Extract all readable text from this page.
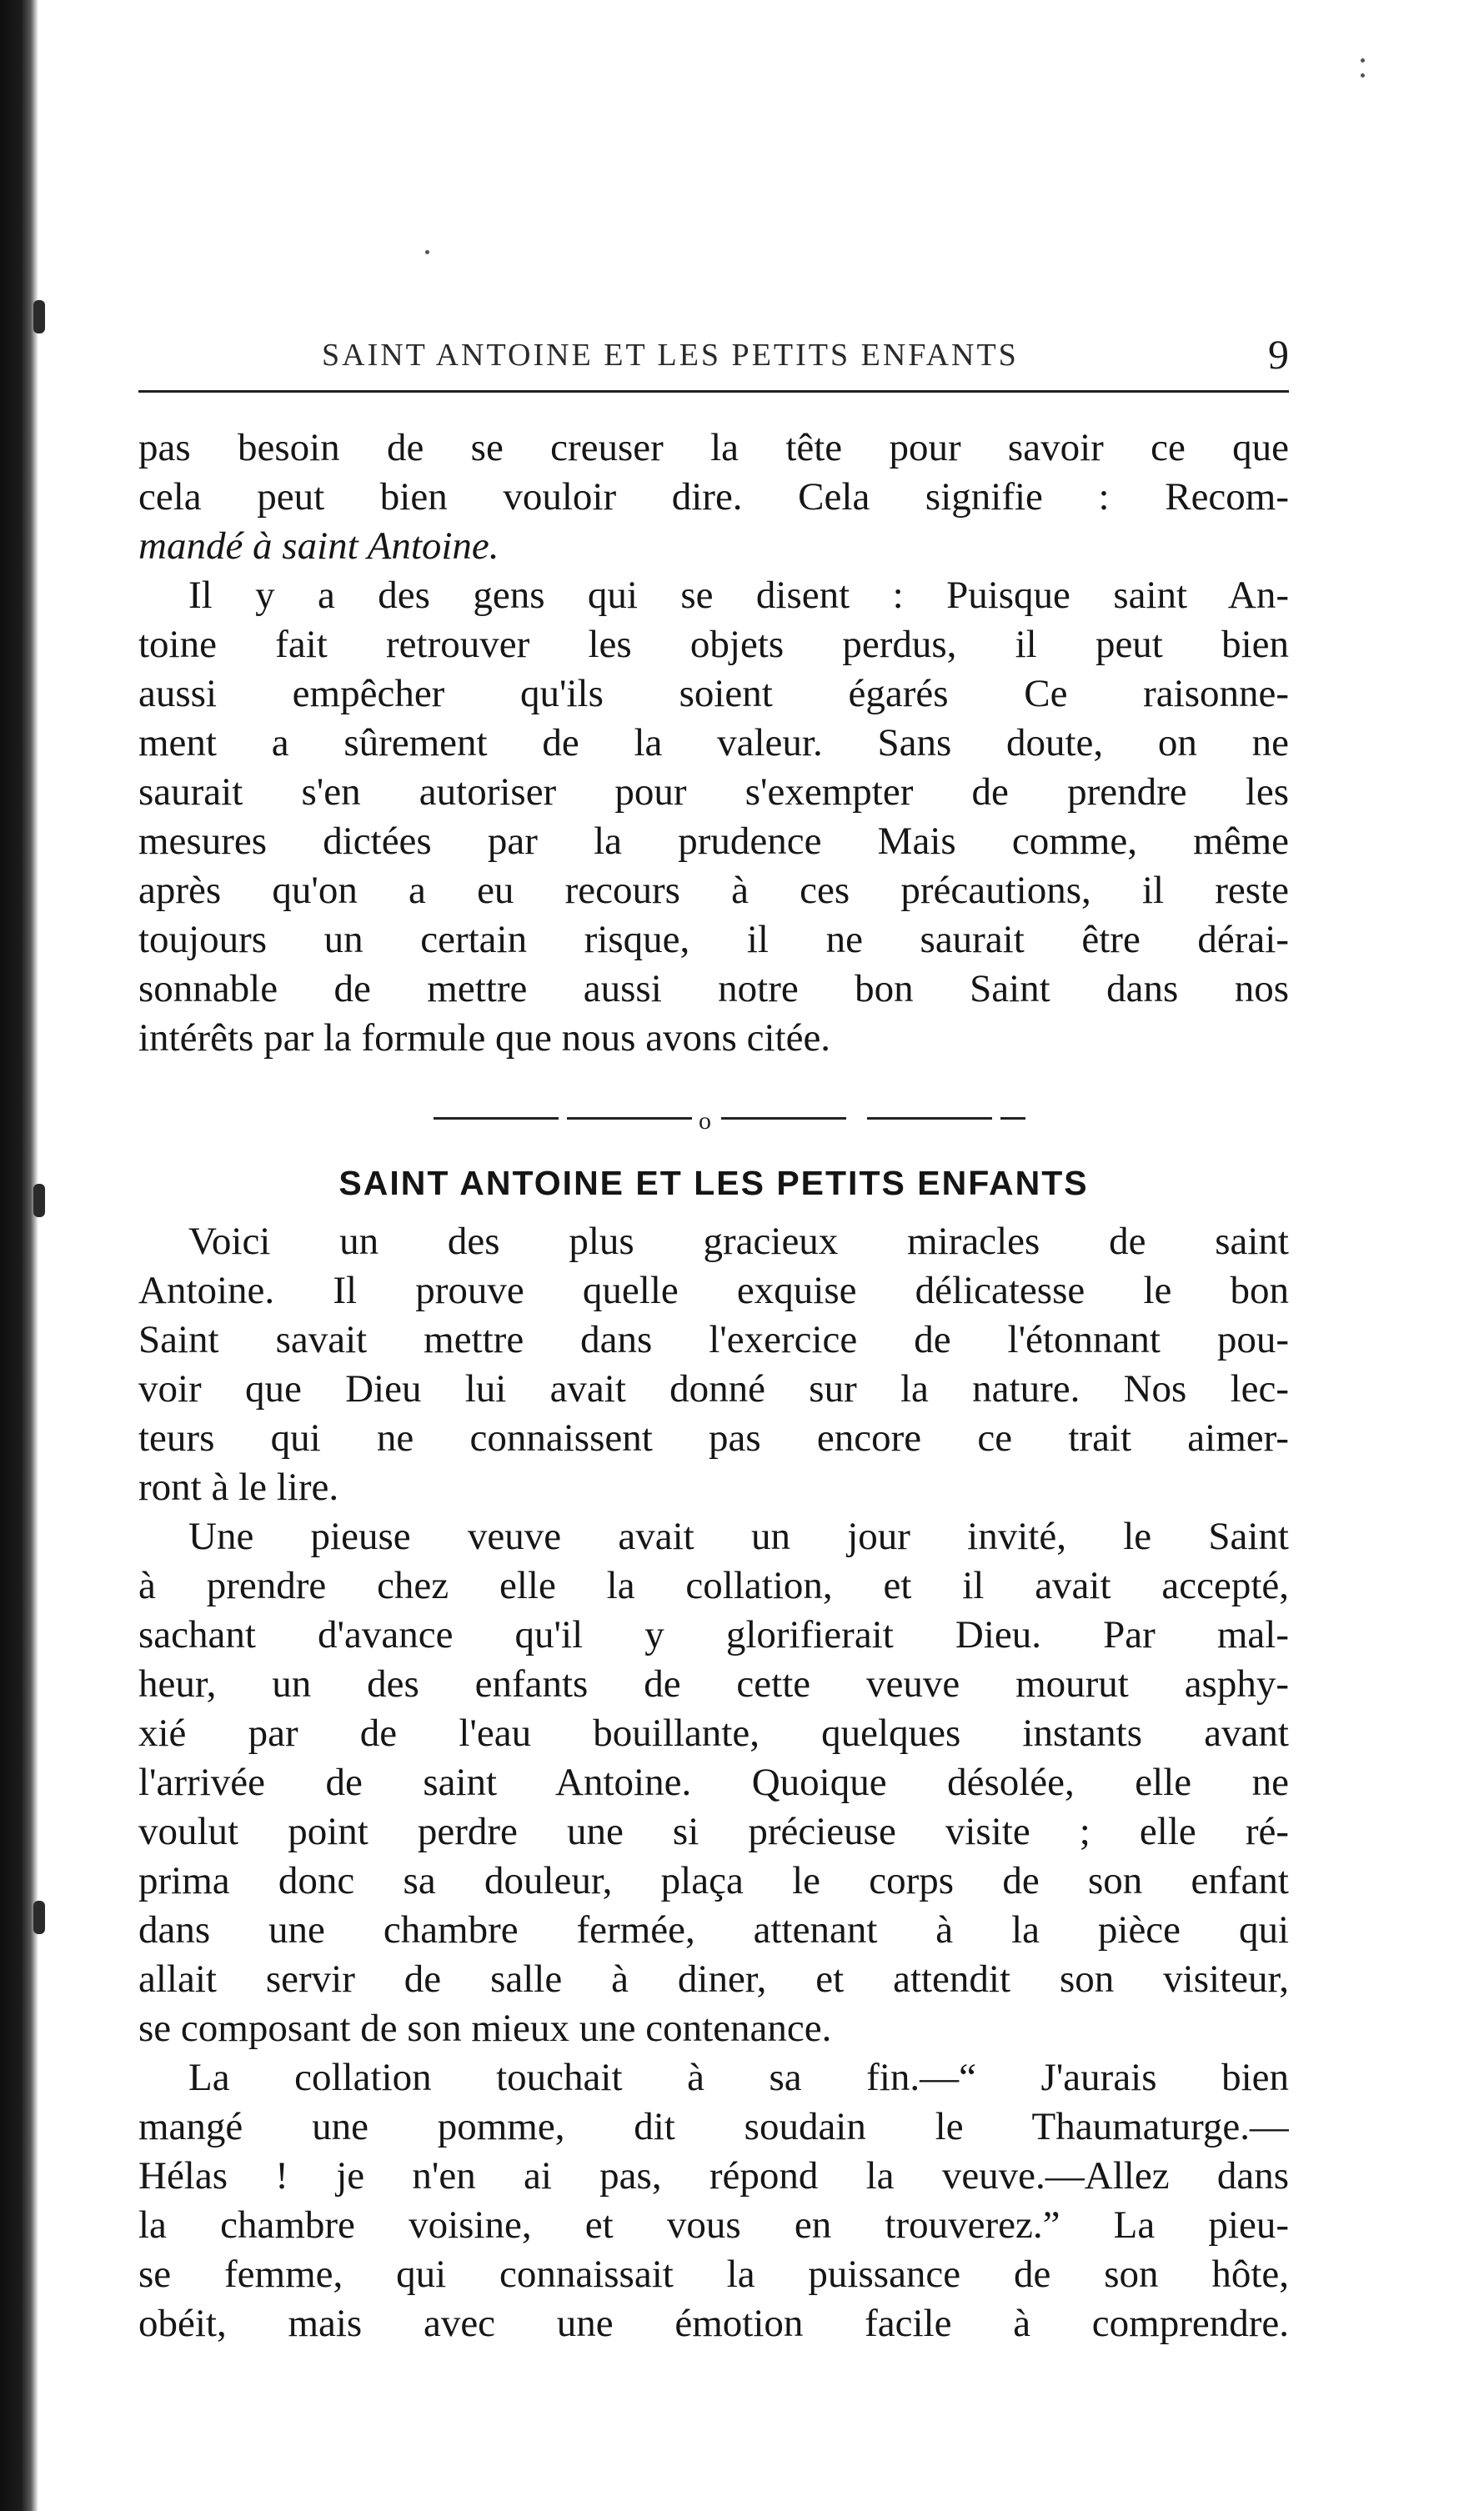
SAINT ANTOINE ET LES PETITS ENFANTS	9
pas besoin de se creuser la tête pour savoir ce que
cela peut bien vouloir dire. Cela signifie : Recom-
mandé à saint Antoine.
Il y a des gens qui se disent : Puisque saint An-
toine fait retrouver les objets perdus, il peut bien
aussi empêcher qu'ils soient égarés Ce raisonne-
ment a sûrement de la valeur. Sans doute, on ne
saurait s'en autoriser pour s'exempter de prendre les
mesures dictées par la prudence Mais comme, même
après qu'on a eu recours à ces précautions, il reste
toujours un certain risque, il ne saurait être dérai-
sonnable de mettre aussi notre bon Saint dans nos
intérêts par la formule que nous avons citée.
o
SAINT ANTOINE ET LES PETITS ENFANTS
Voici un des plus gracieux miracles de saint
Antoine. Il prouve quelle exquise délicatesse le bon
Saint savait mettre dans l'exercice de l'étonnant pou-
voir que Dieu lui avait donné sur la nature. Nos lec-
teurs qui ne connaissent pas encore ce trait aimer-
ront à le lire.
Une pieuse veuve avait un jour invité, le Saint
à prendre chez elle la collation, et il avait accepté,
sachant d'avance qu'il y glorifierait Dieu. Par mal-
heur, un des enfants de cette veuve mourut asphy-
xié par de l'eau bouillante, quelques instants avant
l'arrivée de saint Antoine. Quoique désolée, elle ne
voulut point perdre une si précieuse visite ; elle ré-
prima donc sa douleur, plaça le corps de son enfant
dans une chambre fermée, attenant à la pièce qui
allait servir de salle à diner, et attendit son visiteur,
se composant de son mieux une contenance.
La collation touchait à sa fin.—“ J'aurais bien
mangé une pomme, dit soudain le Thaumaturge.—
Hélas ! je n'en ai pas, répond la veuve.—Allez dans
la chambre voisine, et vous en trouverez.” La pieu-
se femme, qui connaissait la puissance de son hôte,
obéit, mais avec une émotion facile à comprendre.
